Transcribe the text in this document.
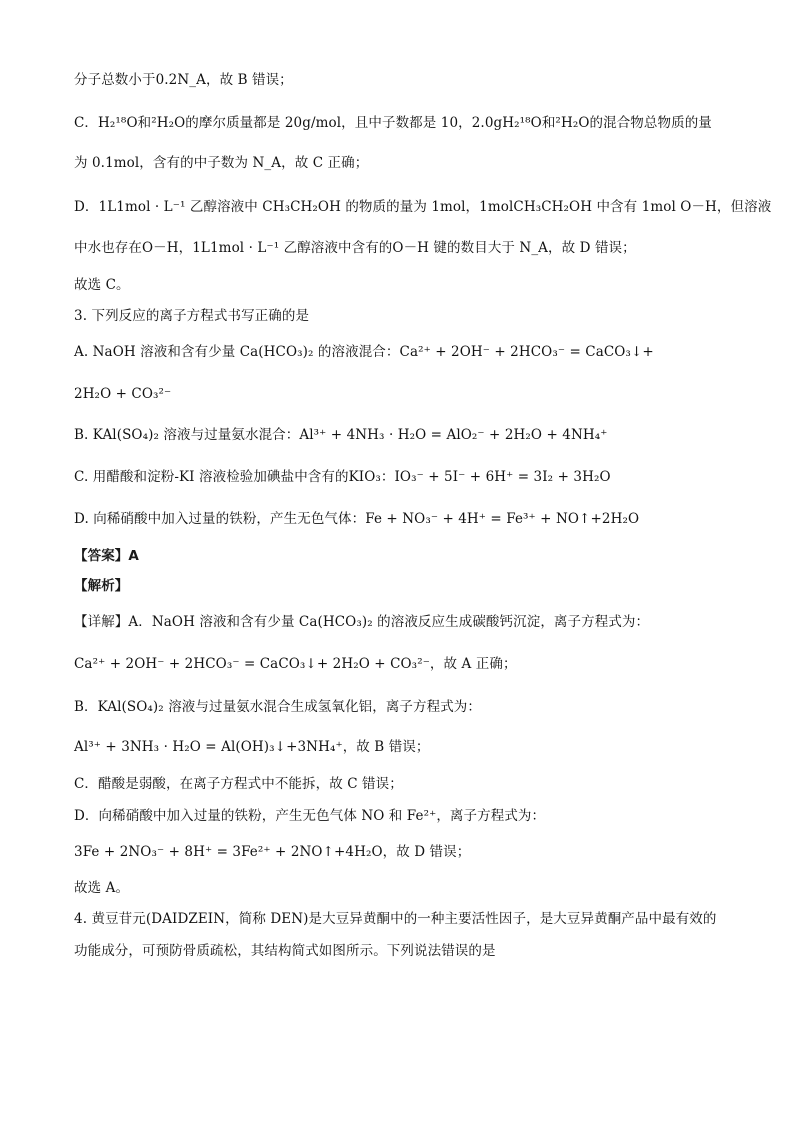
分子总数小于0.2N_A，故 B 错误；
C．H₂¹⁸O和²H₂O的摩尔质量都是 20g/mol，且中子数都是 10，2.0gH₂¹⁸O和²H₂O的混合物总物质的量
为 0.1mol，含有的中子数为 N_A，故 C 正确；
D．1L1mol · L⁻¹ 乙醇溶液中 CH₃CH₂OH 的物质的量为 1mol，1molCH₃CH₂OH 中含有 1mol O－H，但溶液
中水也存在O－H，1L1mol · L⁻¹ 乙醇溶液中含有的O－H 键的数目大于 N_A，故 D 错误；
故选 C。
3. 下列反应的离子方程式书写正确的是
A. NaOH 溶液和含有少量 Ca(HCO₃)₂ 的溶液混合：Ca²⁺ + 2OH⁻ + 2HCO₃⁻ = CaCO₃↓+
2H₂O + CO₃²⁻
B. KAl(SO₄)₂ 溶液与过量氨水混合：Al³⁺ + 4NH₃ · H₂O = AlO₂⁻ + 2H₂O + 4NH₄⁺
C. 用醋酸和淀粉-KI 溶液检验加碘盐中含有的KIO₃：IO₃⁻ + 5I⁻ + 6H⁺ = 3I₂ + 3H₂O
D. 向稀硝酸中加入过量的铁粉，产生无色气体：Fe + NO₃⁻ + 4H⁺ = Fe³⁺ + NO↑+2H₂O
【答案】A
【解析】
【详解】A．NaOH 溶液和含有少量 Ca(HCO₃)₂ 的溶液反应生成碳酸钙沉淀，离子方程式为：
Ca²⁺ + 2OH⁻ + 2HCO₃⁻ = CaCO₃↓+ 2H₂O + CO₃²⁻，故 A 正确；
B．KAl(SO₄)₂ 溶液与过量氨水混合生成氢氧化铝，离子方程式为：
Al³⁺ + 3NH₃ · H₂O = Al(OH)₃↓+3NH₄⁺，故 B 错误；
C．醋酸是弱酸，在离子方程式中不能拆，故 C 错误；
D．向稀硝酸中加入过量的铁粉，产生无色气体 NO 和 Fe²⁺，离子方程式为：
3Fe + 2NO₃⁻ + 8H⁺ = 3Fe²⁺ + 2NO↑+4H₂O，故 D 错误；
故选 A。
4. 黄豆苷元(DAIDZEIN，简称 DEN)是大豆异黄酮中的一种主要活性因子，是大豆异黄酮产品中最有效的
功能成分，可预防骨质疏松，其结构简式如图所示。下列说法错误的是
